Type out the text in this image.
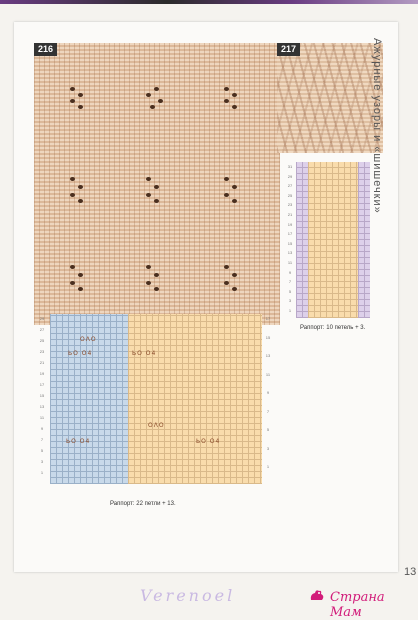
216	217
29
27
25
23
21
19
17
15
13
11
9
7
5
3
1
17
15
13
11
9
7
5
3
1
ОΛО
ЬО О4	ЬО О4
ОΛО
ЬО О4	ЬО О4
Раппорт: 22 петли + 13.
31
29
27
25
23
21
19
17
15
13
11
9
7
5
3
1
Раппорт: 10 петель + 3.
Ажурные узоры и «шишечки»
13
Verenoel	Страна Мам
